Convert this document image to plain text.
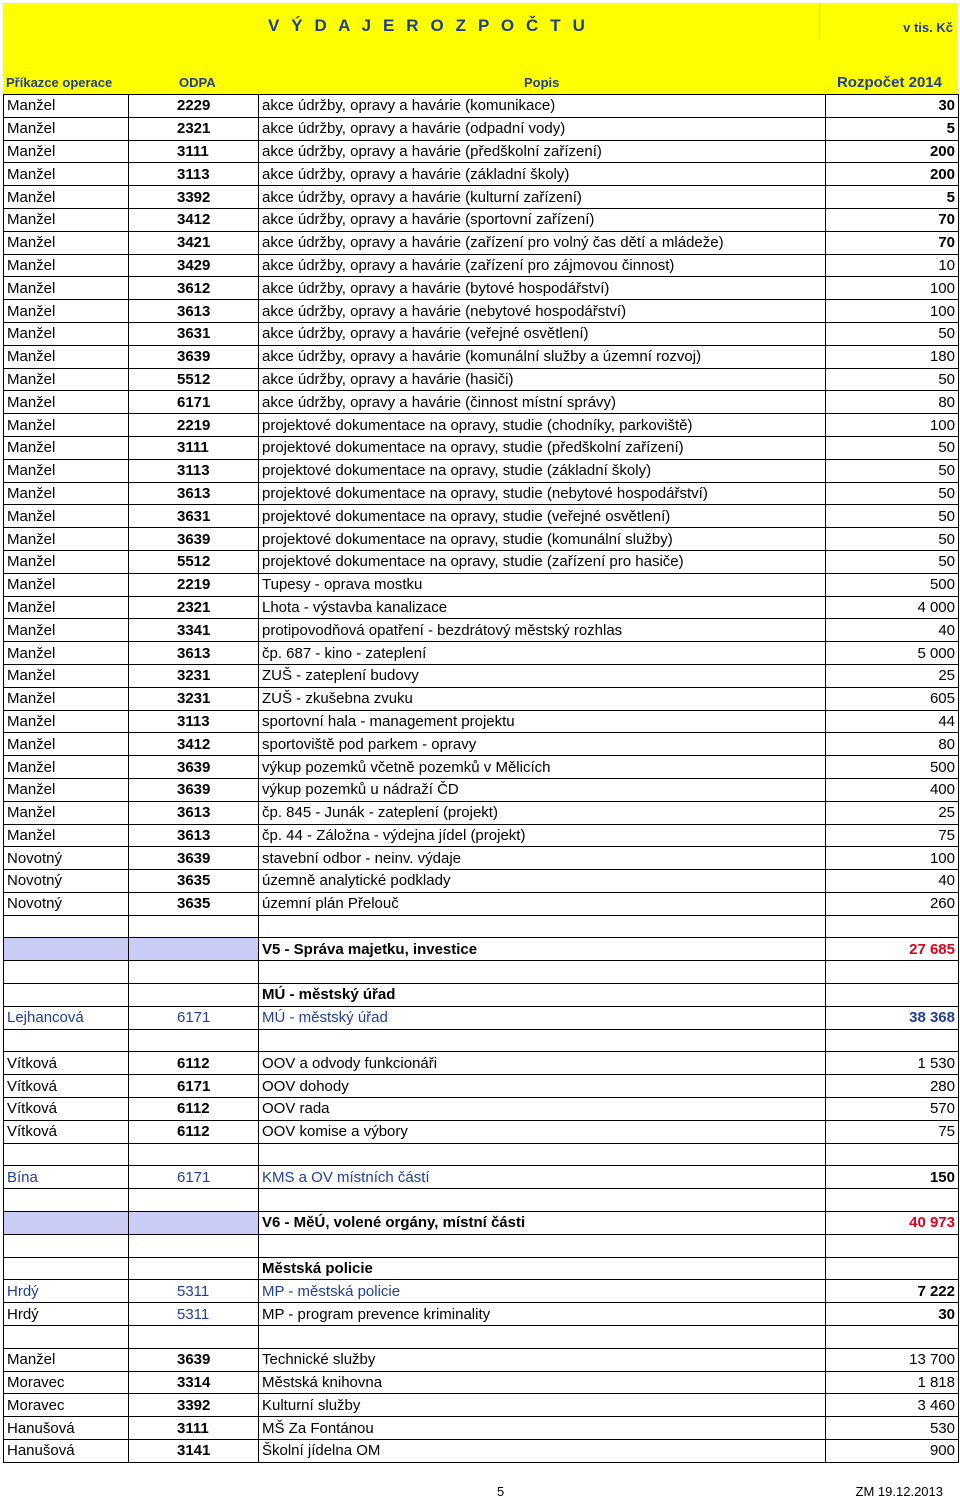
V Ý D A J E R O Z P O Č T U	v tis. Kč
Příkazce operace	ODPA	Popis	Rozpočet 2014
Manžel	2229	akce údržby, opravy a havárie (komunikace)	30
Manžel	2321	akce údržby, opravy a havárie (odpadní vody)	5
Manžel	3111	akce údržby, opravy a havárie (předškolní zařízení)	200
Manžel	3113	akce údržby, opravy a havárie (základní školy)	200
Manžel	3392	akce údržby, opravy a havárie (kulturní zařízení)	5
Manžel	3412	akce údržby, opravy a havárie (sportovní zařízení)	70
Manžel	3421	akce údržby, opravy a havárie (zařízení pro volný čas dětí a mládeže)	70
Manžel	3429	akce údržby, opravy a havárie (zařízení pro zájmovou činnost)	10
Manžel	3612	akce údržby, opravy a havárie (bytové hospodářství)	100
Manžel	3613	akce údržby, opravy a havárie (nebytové hospodářství)	100
Manžel	3631	akce údržby, opravy a havárie (veřejné osvětlení)	50
Manžel	3639	akce údržby, opravy a havárie (komunální služby a územní rozvoj)	180
Manžel	5512	akce údržby, opravy a havárie (hasiči)	50
Manžel	6171	akce údržby, opravy a havárie (činnost místní správy)	80
Manžel	2219	projektové dokumentace na opravy, studie (chodníky, parkoviště)	100
Manžel	3111	projektové dokumentace na opravy, studie (předškolní zařízení)	50
Manžel	3113	projektové dokumentace na opravy, studie (základní školy)	50
Manžel	3613	projektové dokumentace na opravy, studie (nebytové hospodářství)	50
Manžel	3631	projektové dokumentace na opravy, studie (veřejné osvětlení)	50
Manžel	3639	projektové dokumentace na opravy, studie (komunální služby)	50
Manžel	5512	projektové dokumentace na opravy, studie (zařízení pro hasiče)	50
Manžel	2219	Tupesy - oprava mostku	500
Manžel	2321	Lhota - výstavba kanalizace	4 000
Manžel	3341	protipovodňová opatření - bezdrátový městský rozhlas	40
Manžel	3613	čp. 687 - kino - zateplení	5 000
Manžel	3231	ZUŠ - zateplení budovy	25
Manžel	3231	ZUŠ - zkušebna zvuku	605
Manžel	3113	sportovní hala - management projektu	44
Manžel	3412	sportoviště pod parkem - opravy	80
Manžel	3639	výkup pozemků včetně pozemků v Mělicích	500
Manžel	3639	výkup pozemků u nádraží ČD	400
Manžel	3613	čp. 845 - Junák - zateplení (projekt)	25
Manžel	3613	čp. 44 - Záložna - výdejna jídel (projekt)	75
Novotný	3639	stavební odbor - neinv. výdaje	100
Novotný	3635	územně analytické podklady	40
Novotný	3635	územní plán Přelouč	260

		V5 - Správa majetku, investice	27 685

		MÚ - městský úřad	
Lejhancová	6171	MÚ - městský úřad	38 368

Vítková	6112	OOV a odvody funkcionáři	1 530
Vítková	6171	OOV dohody	280
Vítková	6112	OOV rada	570
Vítková	6112	OOV komise a výbory	75

Bína	6171	KMS a OV místních částí	150

		V6 - MěÚ, volené orgány, místní části	40 973

		Městská policie	
Hrdý	5311	MP - městská policie	7 222
Hrdý	5311	MP - program prevence kriminality	30

Manžel	3639	Technické služby	13 700
Moravec	3314	Městská knihovna	1 818
Moravec	3392	Kulturní služby	3 460
Hanušová	3111	MŠ Za Fontánou	530
Hanušová	3141	Školní jídelna OM	900
5	ZM 19.12.2013
